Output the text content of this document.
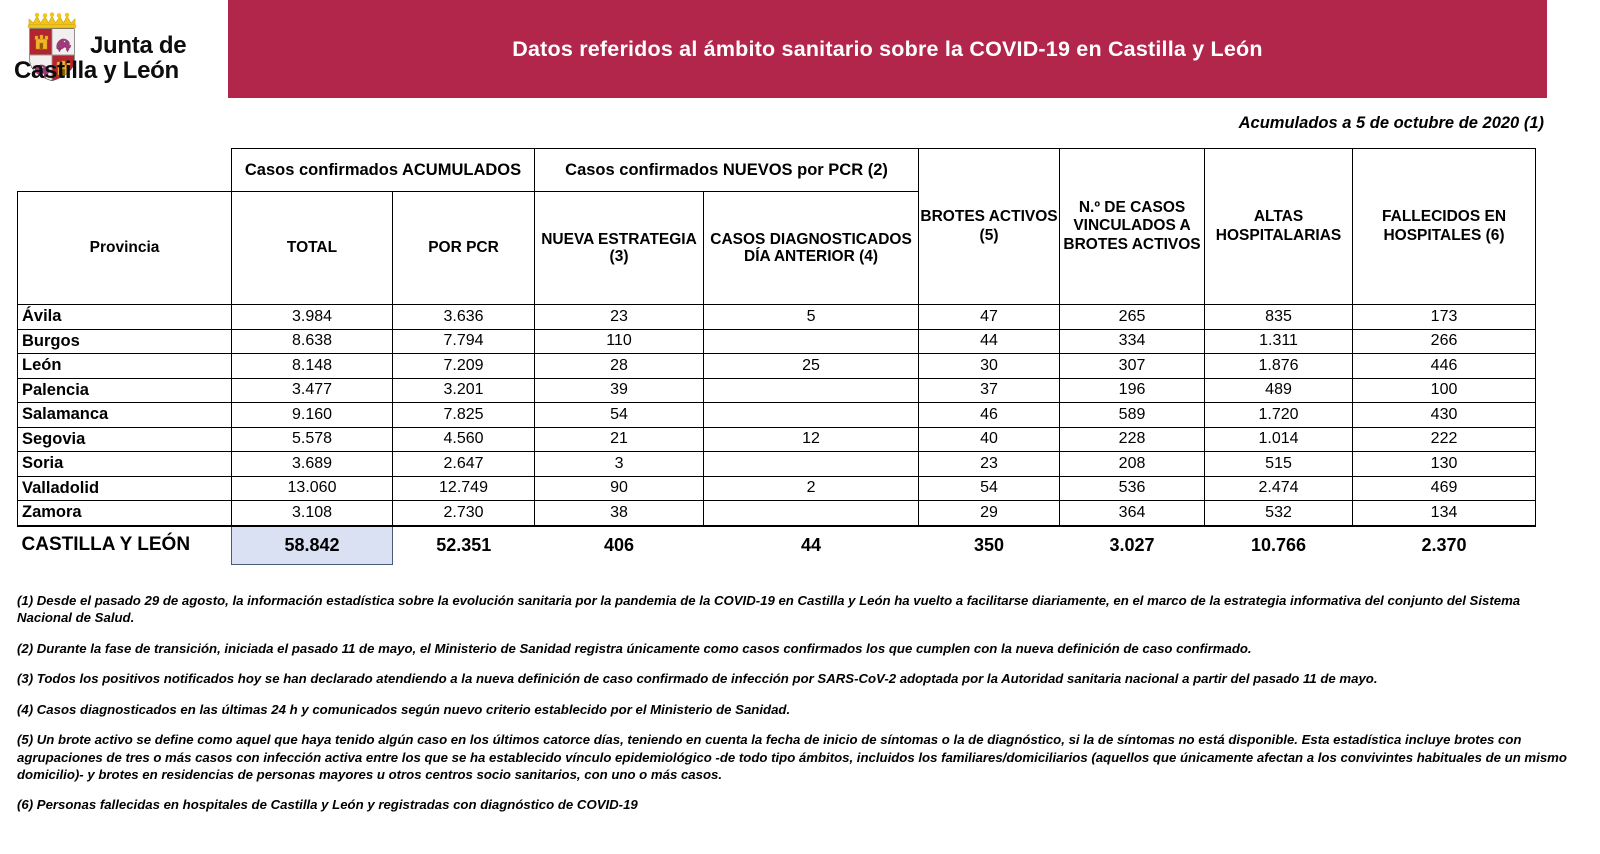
Junta de
Castilla y León
Datos referidos al ámbito sanitario sobre la COVID-19 en Castilla y León
Acumulados a 5 de octubre de 2020 (1)
	Casos confirmados ACUMULADOS		Casos confirmados NUEVOS por PCR (2)		BROTES ACTIVOS (5)	N.º DE CASOS VINCULADOS A BROTES ACTIVOS	ALTAS HOSPITALARIAS	FALLECIDOS EN HOSPITALES (6)
Provincia	TOTAL	POR PCR	NUEVA ESTRATEGIA (3)	CASOS DIAGNOSTICADOS DÍA ANTERIOR (4)				
Ávila	3.984	3.636	23	5	47	265	835	173
Burgos	8.638	7.794	110		44	334	1.311	266
León	8.148	7.209	28	25	30	307	1.876	446
Palencia	3.477	3.201	39		37	196	489	100
Salamanca	9.160	7.825	54		46	589	1.720	430
Segovia	5.578	4.560	21	12	40	228	1.014	222
Soria	3.689	2.647	3		23	208	515	130
Valladolid	13.060	12.749	90	2	54	536	2.474	469
Zamora	3.108	2.730	38		29	364	532	134
CASTILLA Y LEÓN	58.842	52.351	406	44	350	3.027	10.766	2.370
(1) Desde el pasado 29 de agosto, la información estadística sobre la evolución sanitaria por la pandemia de la COVID-19 en Castilla y León ha vuelto a facilitarse diariamente, en el marco de la estrategia informativa del conjunto del Sistema Nacional de Salud.
(2) Durante la fase de transición, iniciada el pasado 11 de mayo, el Ministerio de Sanidad registra únicamente como casos confirmados los que cumplen con la nueva definición de caso confirmado.
(3) Todos los positivos notificados hoy se han declarado atendiendo a la nueva definición de caso confirmado de infección por SARS-CoV-2 adoptada por la Autoridad sanitaria nacional a partir del pasado 11 de mayo.
(4) Casos diagnosticados en las últimas 24 h y comunicados según nuevo criterio establecido por el Ministerio de Sanidad.
(5) Un brote activo se define como aquel que haya tenido algún caso en los últimos catorce días, teniendo en cuenta la fecha de inicio de síntomas o la de diagnóstico, si la de síntomas no está disponible. Esta estadística incluye brotes con agrupaciones de tres o más casos con infección activa entre los que se ha establecido vínculo epidemiológico -de todo tipo ámbitos, incluidos los familiares/domiciliarios (aquellos que únicamente afectan a los convivintes habituales de un mismo domicilio)- y brotes en residencias de personas mayores u otros centros socio sanitarios, con uno o más casos.
(6) Personas fallecidas en hospitales de Castilla y León y registradas con diagnóstico de COVID-19
